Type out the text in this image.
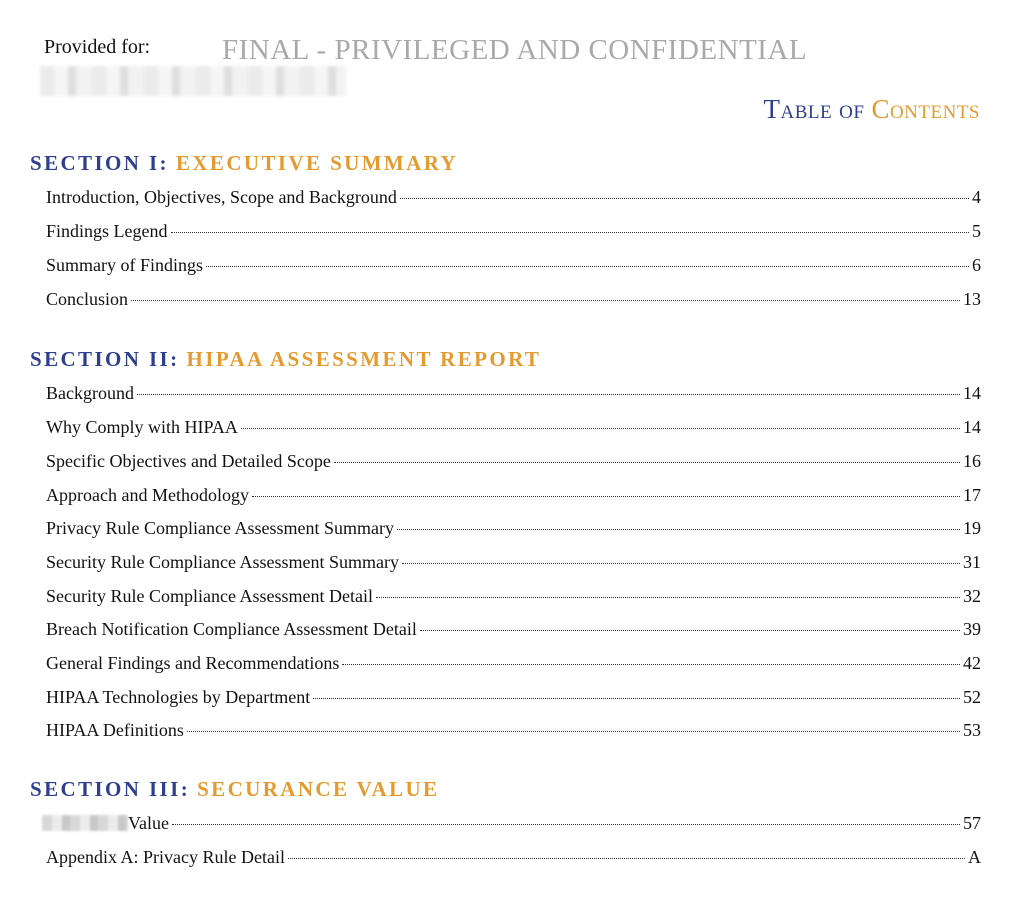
Provided for: FINAL - PRIVILEGED AND CONFIDENTIAL
Table of Contents
SECTION I: EXECUTIVE SUMMARY
Introduction, Objectives, Scope and Background	4
Findings Legend	5
Summary of Findings	6
Conclusion	13
SECTION II: HIPAA ASSESSMENT REPORT
Background	14
Why Comply with HIPAA	14
Specific Objectives and Detailed Scope	16
Approach and Methodology	17
Privacy Rule Compliance Assessment Summary	19
Security Rule Compliance Assessment Summary	31
Security Rule Compliance Assessment Detail	32
Breach Notification Compliance Assessment Detail	39
General Findings and Recommendations	42
HIPAA Technologies by Department	52
HIPAA Definitions	53
SECTION III: SECURANCE VALUE
Value	57
Appendix A: Privacy Rule Detail	A
